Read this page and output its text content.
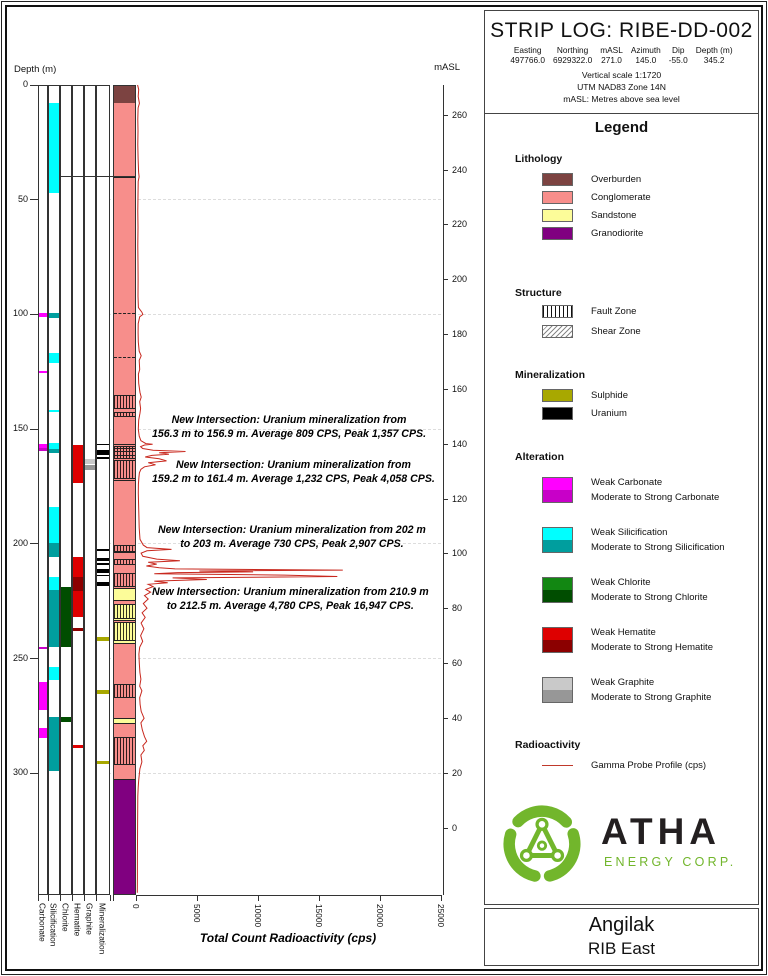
Depth (m)	mASL
Total Count Radioactivity (cps)
STRIP LOG: RIBE-DD-002
Easting
497766.0
Northing
6929322.0
mASL
271.0
Azimuth
145.0
Dip
-55.0
Depth (m)
345.2
Vertical scale 1:1720
UTM NAD83 Zone 14N
mASL: Metres above sea level
Legend
Lithology
Overburden
Conglomerate
Sandstone
Granodiorite
Structure
Fault Zone
Shear Zone
Mineralization
Sulphide
Uranium
Alteration
Weak Carbonate
Moderate to Strong Carbonate
Weak Silicification
Moderate to Strong Silicification
Weak Chlorite
Moderate to Strong Chlorite
Weak Hematite
Moderate to Strong Hematite
Weak Graphite
Moderate to Strong Graphite
Radioactivity
Gamma Probe Profile (cps)
ATHA
ENERGY CORP.
Angilak
RIB East
0
50
100
150
200
250
300
Carbonate Silicification Chlorite Hematite Graphite Mineralization	0	5000	10000	15000	20000	25000
260
240
220
200
180
160
140
120
100
80
60
40
20
0
New Intersection: Uranium mineralization from
156.3 m to 156.9 m. Average 809 CPS, Peak 1,357 CPS.
New Intersection: Uranium mineralization from
159.2 m to 161.4 m. Average 1,232 CPS, Peak 4,058 CPS.
New Intersection: Uranium mineralization from 202 m
to 203 m. Average 730 CPS, Peak 2,907 CPS.
New Intersection: Uranium mineralization from 210.9 m
to 212.5 m. Average 4,780 CPS, Peak 16,947 CPS.
